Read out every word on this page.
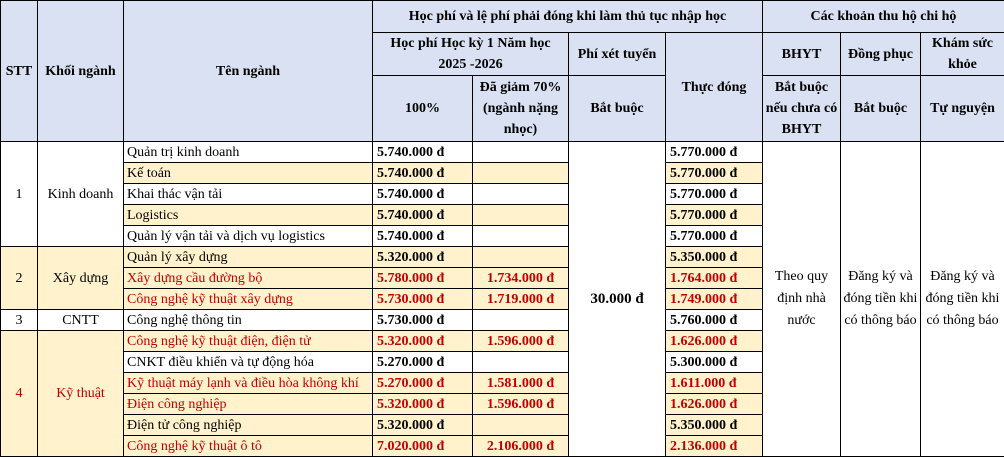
STT	Khối ngành	Tên ngành	Học phí và lệ phí phải đóng khi làm thủ tục nhập học				Các khoản thu hộ chi hộ		
			Học phí Học kỳ 1 Năm học 2025 -2026		Phí xét tuyển	Thực đóng	BHYT	Đồng phục	Khám sức khỏe
			100%	Đã giảm 70% (ngành nặng nhọc)	Bắt buộc		Bắt buộc nếu chưa có BHYT	Bắt buộc	Tự nguyện
1	Kinh doanh	Quản trị kinh doanh	5.740.000 đ		30.000 đ	5.770.000 đ	Theo quy định nhà nước	Đăng ký và đóng tiền khi có thông báo	Đăng ký và đóng tiền khi có thông báo
		Kế toán	5.740.000 đ			5.770.000 đ			
		Khai thác vận tải	5.740.000 đ			5.770.000 đ			
		Logistics	5.740.000 đ			5.770.000 đ			
		Quản lý vận tải và dịch vụ logistics	5.740.000 đ			5.770.000 đ			
2	Xây dựng	Quản lý xây dựng	5.320.000 đ			5.350.000 đ			
		Xây dựng cầu đường bộ	5.780.000 đ	1.734.000 đ		1.764.000 đ			
		Công nghệ kỹ thuật xây dựng	5.730.000 đ	1.719.000 đ		1.749.000 đ			
3	CNTT	Công nghệ thông tin	5.730.000 đ			5.760.000 đ			
4	Kỹ thuật	Công nghệ kỹ thuật điện, điện tử	5.320.000 đ	1.596.000 đ		1.626.000 đ			
		CNKT điều khiển và tự động hóa	5.270.000 đ			5.300.000 đ			
		Kỹ thuật máy lạnh và điều hòa không khí	5.270.000 đ	1.581.000 đ		1.611.000 đ			
		Điện công nghiệp	5.320.000 đ	1.596.000 đ		1.626.000 đ			
		Điện tử công nghiệp	5.320.000 đ			5.350.000 đ			
		Công nghệ kỹ thuật ô tô	7.020.000 đ	2.106.000 đ		2.136.000 đ			
